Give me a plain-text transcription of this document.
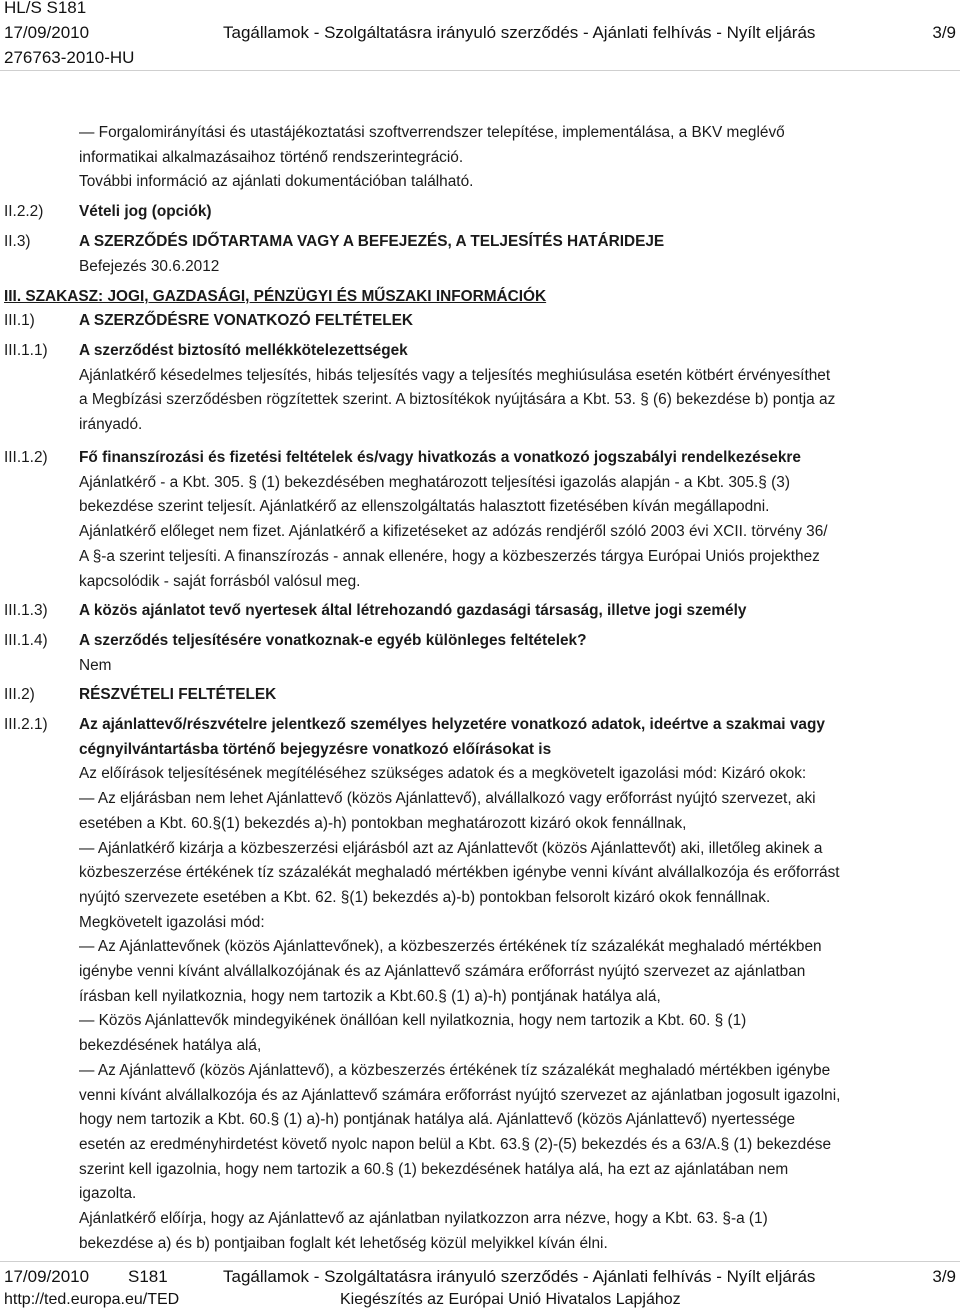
HL/S S181
17/09/2010
276763-2010-HU
Tagállamok - Szolgáltatásra irányuló szerződés - Ajánlati felhívás - Nyílt eljárás	3/9

― Forgalomirányítási és utastájékoztatási szoftverrendszer telepítése, implementálása, a BKV meglévő

informatikai alkalmazásaihoz történő rendszerintegráció.

További információ az ajánlati dokumentációban található.

II.2.2) Vételi jog (opciók)
II.3)	A SZERZŐDÉS IDŐTARTAMA VAGY A BEFEJEZÉS, A TELJESÍTÉS HATÁRIDEJE

Befejezés 30.6.2012

III. SZAKASZ: JOGI, GAZDASÁGI, PÉNZÜGYI ÉS MŰSZAKI INFORMÁCIÓK
III.1)	A SZERZŐDÉSRE VONATKOZÓ FELTÉTELEK
III.1.1) A szerződést biztosító mellékkötelezettségek

Ajánlatkérő késedelmes teljesítés, hibás teljesítés vagy a teljesítés meghiúsulása esetén kötbért érvényesíthet

a Megbízási szerződésben rögzítettek szerint. A biztosítékok nyújtására a Kbt. 53. § (6) bekezdése b) pontja az

irányadó.

III.1.2) Fő finanszírozási és fizetési feltételek és/vagy hivatkozás a vonatkozó jogszabályi rendelkezésekre

Ajánlatkérő - a Kbt. 305. § (1) bekezdésében meghatározott teljesítési igazolás alapján - a Kbt. 305.§ (3)

bekezdése szerint teljesít. Ajánlatkérő az ellenszolgáltatás halasztott fizetésében kíván megállapodni.

Ajánlatkérő előleget nem fizet. Ajánlatkérő a kifizetéseket az adózás rendjéről szóló 2003 évi XCII. törvény 36/

A §-a szerint teljesíti. A finanszírozás - annak ellenére, hogy a közbeszerzés tárgya Európai Uniós projekthez

kapcsolódik - saját forrásból valósul meg.

III.1.3) A közös ajánlatot tevő nyertesek által létrehozandó gazdasági társaság, illetve jogi személy
III.1.4) A szerződés teljesítésére vonatkoznak-e egyéb különleges feltételek?

Nem

III.2)	RÉSZVÉTELI FELTÉTELEK
III.2.1) Az ajánlattevő/részvételre jelentkező személyes helyzetére vonatkozó adatok, ideértve a szakmai vagy

cégnyilvántartásba történő bejegyzésre vonatkozó előírásokat is

Az előírások teljesítésének megítéléséhez szükséges adatok és a megkövetelt igazolási mód: Kizáró okok:

― Az eljárásban nem lehet Ajánlattevő (közös Ajánlattevő), alvállalkozó vagy erőforrást nyújtó szervezet, aki

esetében a Kbt. 60.§(1) bekezdés a)-h) pontokban meghatározott kizáró okok fennállnak,

― Ajánlatkérő kizárja a közbeszerzési eljárásból azt az Ajánlattevőt (közös Ajánlattevőt) aki, illetőleg akinek a

közbeszerzése értékének tíz százalékát meghaladó mértékben igénybe venni kívánt alvállalkozója és erőforrást

nyújtó szervezete esetében a Kbt. 62. §(1) bekezdés a)-b) pontokban felsorolt kizáró okok fennállnak.

Megkövetelt igazolási mód:

― Az Ajánlattevőnek (közös Ajánlattevőnek), a közbeszerzés értékének tíz százalékát meghaladó mértékben

igénybe venni kívánt alvállalkozójának és az Ajánlattevő számára erőforrást nyújtó szervezet az ajánlatban

írásban kell nyilatkoznia, hogy nem tartozik a Kbt.60.§ (1) a)-h) pontjának hatálya alá,

― Közös Ajánlattevők mindegyikének önállóan kell nyilatkoznia, hogy nem tartozik a Kbt. 60. § (1)

bekezdésének hatálya alá,

― Az Ajánlattevő (közös Ajánlattevő), a közbeszerzés értékének tíz százalékát meghaladó mértékben igénybe

venni kívánt alvállalkozója és az Ajánlattevő számára erőforrást nyújtó szervezet az ajánlatban jogosult igazolni,

hogy nem tartozik a Kbt. 60.§ (1) a)-h) pontjának hatálya alá. Ajánlattevő (közös Ajánlattevő) nyertessége

esetén az eredményhirdetést követő nyolc napon belül a Kbt. 63.§ (2)-(5) bekezdés és a 63/A.§ (1) bekezdése

szerint kell igazolnia, hogy nem tartozik a 60.§ (1) bekezdésének hatálya alá, ha ezt az ajánlatában nem

igazolta.

Ajánlatkérő előírja, hogy az Ajánlattevő az ajánlatban nyilatkozzon arra nézve, hogy a Kbt. 63. §-a (1)

bekezdése a) és b) pontjaiban foglalt két lehetőség közül melyikkel kíván élni.

17/09/2010 S181	Tagállamok - Szolgáltatásra irányuló szerződés - Ajánlati felhívás - Nyílt eljárás	3/9
http://ted.europa.eu/TED	Kiegészítés az Európai Unió Hivatalos Lapjához
